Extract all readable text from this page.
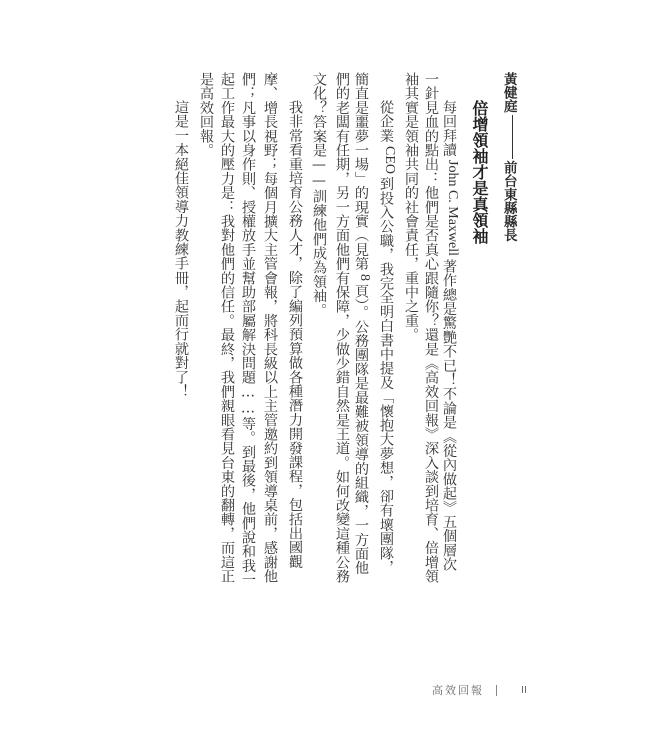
黃健庭前台東縣縣長
倍增領袖才是真領袖

每回拜讀John C. Maxwell著作總是驚艷不已！不論是《從內做起》五個層次

一針見血的點出：他們是否真心跟隨你？還是《高效回報》深入談到培育、倍增領

袖其實是領袖共同的社會責任，重中之重。

從企業CEO到投入公職，我完全明白書中提及「懷抱大夢想，卻有壞團隊，

簡直是噩夢一場」的現實（見第8頁）。公務團隊是最難被領導的組織，一方面他

們的老闆有任期，另一方面他們有保障，少做少錯自然是王道。如何改變這種公務

文化？答案是——訓練他們成為領袖。

我非常看重培育公務人才，除了編列預算做各種潛力開發課程，包括出國觀

摩、增長視野；每個月擴大主管會報，將科長級以上主管邀約到領導桌前，感謝他

們；凡事以身作則、授權放手並幫助部屬解決問題……等。到最後，他們說和我一

起工作最大的壓力是：我對他們的信任。最終，我們親眼看見台東的翻轉，而這正

是高效回報。

這是一本絕佳領導力教練手冊，起而行就對了！

高效回報	II
